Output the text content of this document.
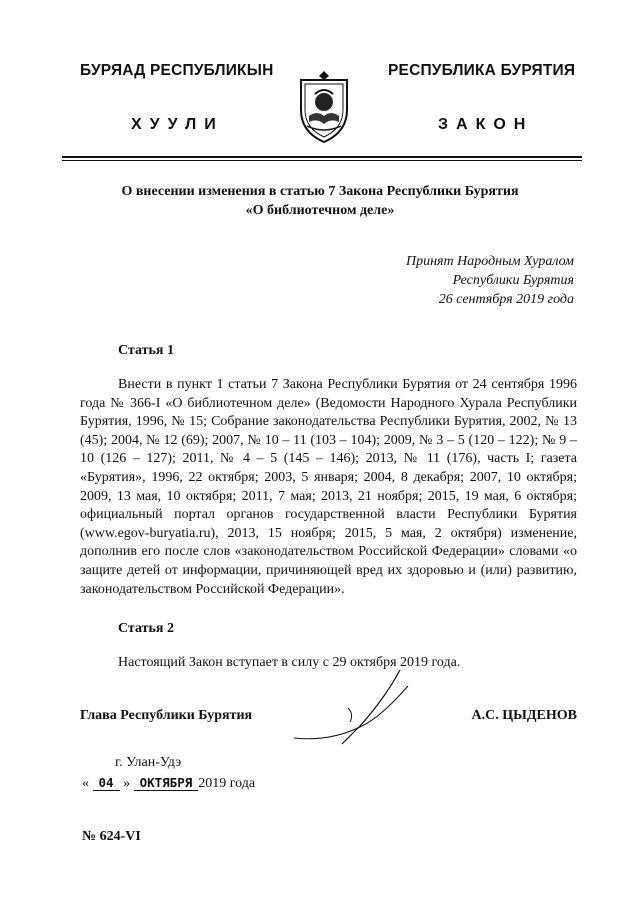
БУРЯАД РЕСПУБЛИКЫН
ХУУЛИ
РЕСПУБЛИКА БУРЯТИЯ
ЗАКОН
О внесении изменения в статью 7 Закона Республики Бурятия
«О библиотечном деле»
Принят Народным Хуралом
Республики Бурятия
26 сентября 2019 года
Статья 1

Внести в пункт 1 статьи 7 Закона Республики Бурятия от 24 сентября 1996 года № 366-I «О библиотечном деле» (Ведомости Народного Хурала Республики Бурятия, 1996, № 15; Собрание законодательства Республики Бурятия, 2002, № 13 (45); 2004, № 12 (69); 2007, № 10 – 11 (103 – 104); 2009, № 3 – 5 (120 – 122); № 9 – 10 (126 – 127); 2011, № 4 – 5 (145 – 146); 2013, № 11 (176), часть I; газета «Бурятия», 1996, 22 октября; 2003, 5 января; 2004, 8 декабря; 2007, 10 октября; 2009, 13 мая, 10 октября; 2011, 7 мая; 2013, 21 ноября; 2015, 19 мая, 6 октября; официальный портал органов государственной власти Республики Бурятия (www.egov-buryatia.ru), 2013, 15 ноября; 2015, 5 мая, 2 октября) изменение, дополнив его после слов «законодательством Российской Федерации» словами «о защите детей от информации, причиняющей вред их здоровью и (или) развитию, законодательством Российской Федерации».

Статья 2

Настоящий Закон вступает в силу с 29 октября 2019 года.

Глава Республики Бурятия	А.С. ЦЫДЕНОВ
г. Улан-Удэ
« 04 » ОКТЯБРЯ 2019 года
№ 624-VI
